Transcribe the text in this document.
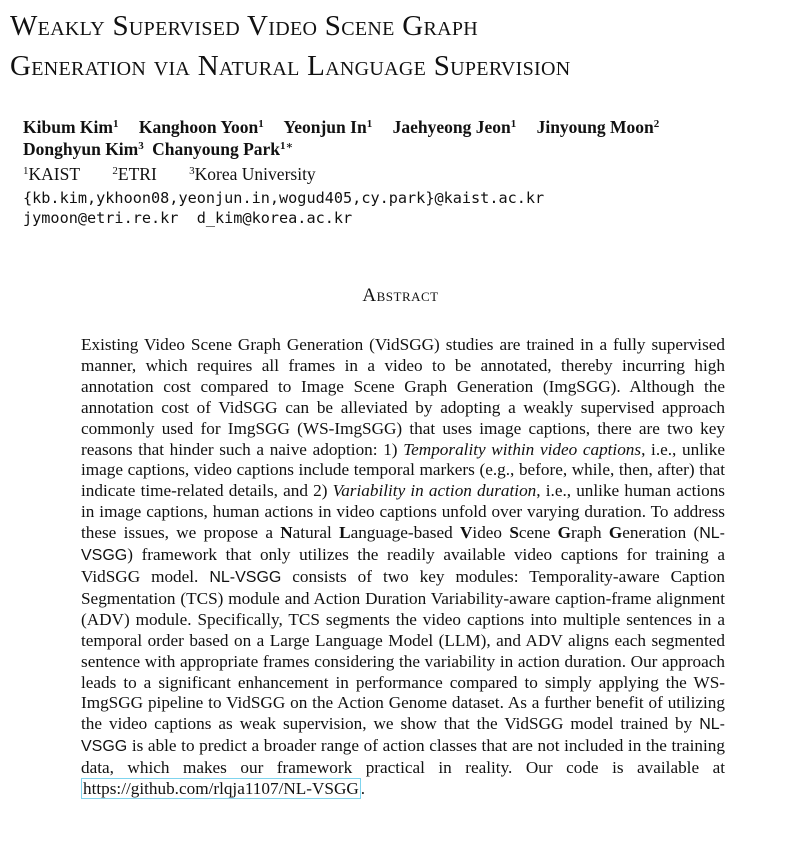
Weakly Supervised Video Scene Graph
Generation via Natural Language Supervision
Kibum Kim$^1$ Kanghoon Yoon$^1$ Yeonjun In$^1$ Jaehyeong Jeon$^1$ Jinyoung Moon$^2$
Donghyun Kim$^3$ Chanyoung Park$^{1∗}$
$^1$KAIST	$^2$ETRI	$^3$Korea University
{kb.kim,ykhoon08,yeonjun.in,wogud405,cy.park}@kaist.ac.kr
jymoon@etri.re.kr  d_kim@korea.ac.kr
Abstract
Existing Video Scene Graph Generation (VidSGG) studies are trained in a fully supervised manner, which requires all frames in a video to be annotated, thereby incurring high annotation cost compared to Image Scene Graph Generation (ImgSGG). Although the annotation cost of VidSGG can be alleviated by adopting a weakly supervised approach commonly used for ImgSGG (WS-ImgSGG) that uses image captions, there are two key reasons that hinder such a naive adoption: 1) Temporality within video captions, i.e., unlike image captions, video captions include temporal markers (e.g., before, while, then, after) that indicate time-related details, and 2) Variability in action duration, i.e., unlike human actions in image captions, human actions in video captions unfold over varying duration. To address these issues, we propose a Natural Language-based Video Scene Graph Generation (NL-VSGG) framework that only utilizes the readily available video captions for training a VidSGG model. NL-VSGG consists of two key modules: Temporality-aware Caption Segmentation (TCS) module and Action Duration Variability-aware caption-frame alignment (ADV) module. Specifically, TCS segments the video captions into multiple sentences in a temporal order based on a Large Language Model (LLM), and ADV aligns each segmented sentence with appropriate frames considering the variability in action duration. Our approach leads to a significant enhancement in performance compared to simply applying the WS-ImgSGG pipeline to VidSGG on the Action Genome dataset. As a further benefit of utilizing the video captions as weak supervision, we show that the VidSGG model trained by NL-VSGG is able to predict a broader range of action classes that are not included in the training data, which makes our framework practical in reality. Our code is available at https://github.com/rlqja1107/NL-VSGG .
